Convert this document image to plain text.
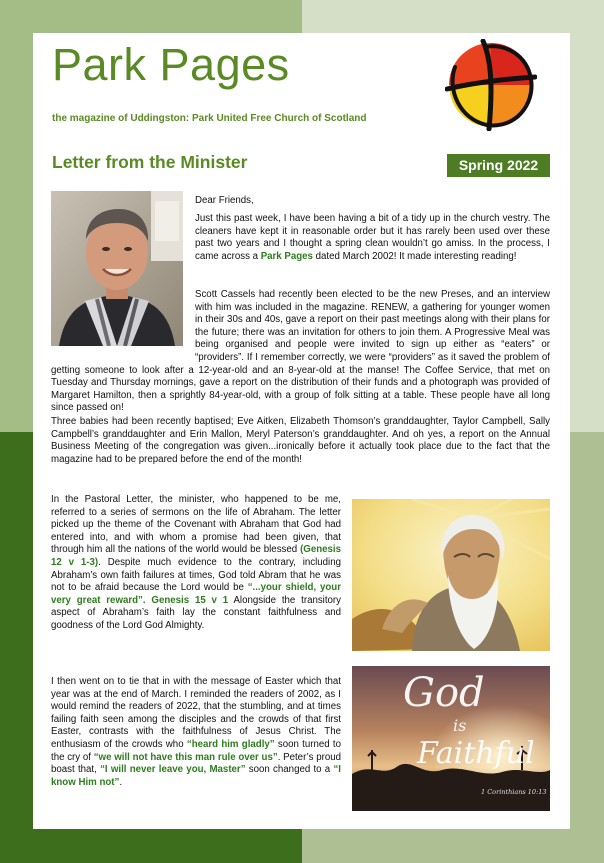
Park Pages
the magazine of Uddingston: Park United Free Church of Scotland
Letter from the Minister	Spring 2022
Dear Friends,

Just this past week, I have been having a bit of a tidy up in the church vestry. The cleaners have kept it in reasonable order but it has rarely been used over these past two years and I thought a spring clean wouldn’t go amiss. In the process, I came across a Park Pages dated March 2002! It made interesting reading!

Scott Cassels had recently been elected to be the new Preses, and an interview with him was included in the magazine. RENEW, a gathering for younger women in their 30s and 40s, gave a report on their past meetings along with their plans for the future; there was an invitation for others to join them. A Progressive Meal was being organised and people were invited to sign up either as “eaters” or “providers”. If I remember correctly, we were “providers” as it saved the problem of getting someone to look after a 12-year-old and an 8-year-old at the manse! The Coffee Service, that met on Tuesday and Thursday mornings, gave a report on the distribution of their funds and a photograph was provided of Margaret Hamilton, then a sprightly 84-year-old, with a group of folk sitting at a table. These people have all long since passed on!

Three babies had been recently baptised; Eve Aitken, Elizabeth Thomson’s granddaughter, Taylor Campbell, Sally Campbell’s granddaughter and Erin Mallon, Meryl Paterson’s granddaughter. And oh yes, a report on the Annual Business Meeting of the congregation was given...ironically before it actually took place due to the fact that the magazine had to be prepared before the end of the month!

In the Pastoral Letter, the minister, who happened to be me, referred to a series of sermons on the life of Abraham. The letter picked up the theme of the Covenant with Abraham that God had entered into, and with whom a promise had been given, that through him all the nations of the world would be blessed (Genesis 12 v 1-3). Despite much evidence to the contrary, including Abraham’s own faith failures at times, God told Abram that he was not to be afraid because the Lord would be “...your shield, your very great reward”. Genesis 15 v 1 Alongside the transitory aspect of Abraham’s faith lay the constant faithfulness and goodness of the Lord God Almighty.

I then went on to tie that in with the message of Easter which that year was at the end of March. I reminded the readers of 2002, as I would remind the readers of 2022, that the stumbling, and at times failing faith seen among the disciples and the crowds of that first Easter, contrasts with the faithfulness of Jesus Christ. The enthusiasm of the crowds who “heard him gladly” soon turned to the cry of “we will not have this man rule over us”. Peter’s proud boast that, “I will never leave you, Master” soon changed to a “I know Him not”.

God
is
Faithful
1 Corinthians 10:13
